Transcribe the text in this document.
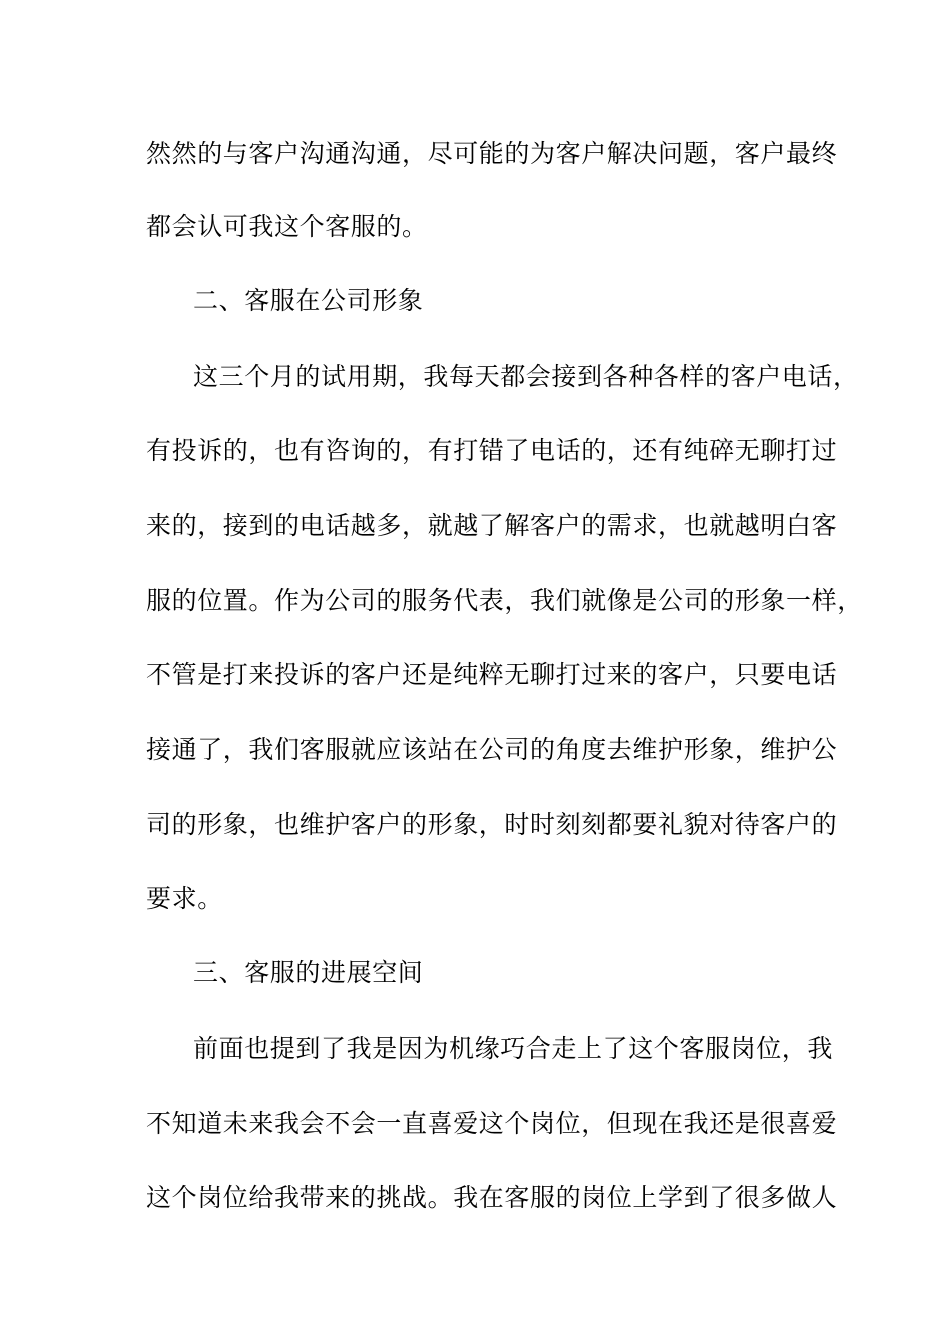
然然的与客户沟通沟通，尽可能的为客户解决问题，客户最终
都会认可我这个客服的。
二、客服在公司形象
这三个月的试用期，我每天都会接到各种各样的客户电话，
有投诉的，也有咨询的，有打错了电话的，还有纯碎无聊打过
来的，接到的电话越多，就越了解客户的需求，也就越明白客
服的位置。作为公司的服务代表，我们就像是公司的形象一样，
不管是打来投诉的客户还是纯粹无聊打过来的客户，只要电话
接通了，我们客服就应该站在公司的角度去维护形象，维护公
司的形象，也维护客户的形象，时时刻刻都要礼貌对待客户的
要求。
三、客服的进展空间
前面也提到了我是因为机缘巧合走上了这个客服岗位，我
不知道未来我会不会一直喜爱这个岗位，但现在我还是很喜爱
这个岗位给我带来的挑战。我在客服的岗位上学到了很多做人
